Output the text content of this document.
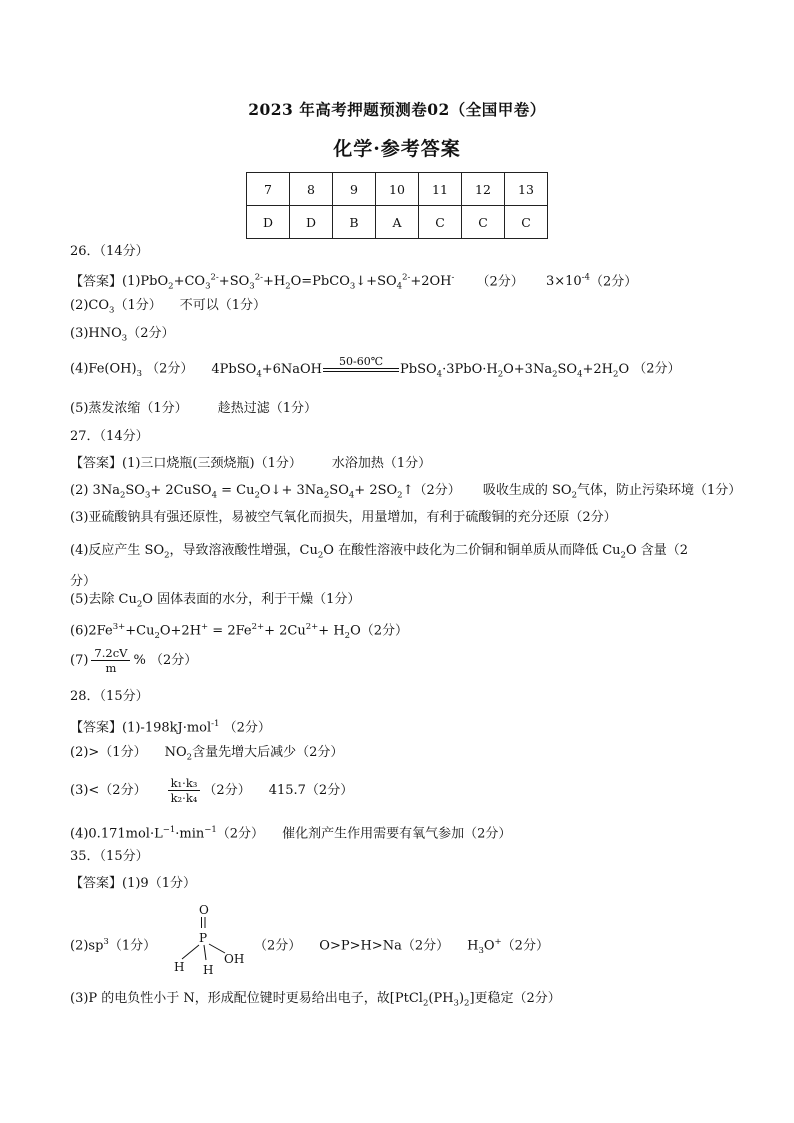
2023 年高考押题预测卷02（全国甲卷）
化学·参考答案
7	8	9	10	11	12	13
D	D	B	A	C	C	C
26．（14分）
【答案】$(1)PbO_2+CO_3^{2-}+SO_3^{2-}+H_2O=PbCO_3↓+SO_4^{2-}+2OH^-$ （2分） $3\times 10^{-4}(2$分）
$(2)CO_3(1$分） 不可以（1分）
$(3)HNO_3(2$分）
$(4)Fe(OH)_3$ （2分） 4PbSO$_4$+6NaOH	50-60℃	$PbSO_4\cdot 3PbO\cdot H_2O+3Na_2SO_4+2H_2O$ （2分）
(5)蒸发浓缩（1分） 趁热过滤（1分）
27．（14分）
【答案】(1)三口烧瓶(三颈烧瓶)（1分） 水浴加热（1分）
(2) $3Na_2SO_3+$ 2CuSO$_4$ = $Cu_2O↓+ 3Na_2SO_4+$ $2SO_2↑(2$分） 吸收生成的 $SO_2$气体，防止污染环境（1分）
(3)亚硫酸钠具有强还原性，易被空气氧化而损失，用量增加，有利于硫酸铜的充分还原（2分）
(4)反应产生 $SO_2$，导致溶液酸性增强，$Cu_2O$ 在酸性溶液中歧化为二价铜和铜单质从而降低 $Cu_2O$ 含量（2
分）
(5)去除 $Cu_2O$ 固体表面的水分，利于干燥（1分）
$(6)2Fe^{3+}+Cu_2O+2H^+ = 2Fe^{2+}+ 2Cu^{2+}+ H_2O(2$分）
$(7) \frac{7.2cV}{m}$ % （2分）
28．（15分）
【答案】(1)-198kJ·mol$^{-1}$ （2分）
(2)>（1分） $NO_2$含量先增大后减少（2分）
(3)<（2分） $\frac{\text{k₁·k₃}}{\text{k₂·k₄}} (2$分） 415.7（2分）
$(4)0.171mol\cdot L^{-1}\cdot\min^{-1}(2$分） 催化剂产生作用需要有氧气参加（2分）
35．（15分）
【答案】(1)9（1分）
$(2)sp^3(1$分）
O
P
H H
OH
（2分） O>P>H>Na（2分） $H_3O^+(2$分）
(3)P 的电负性小于 N，形成配位键时更易给出电子，故$[PtCl_2(PH_3)_2]$更稳定（2分）
